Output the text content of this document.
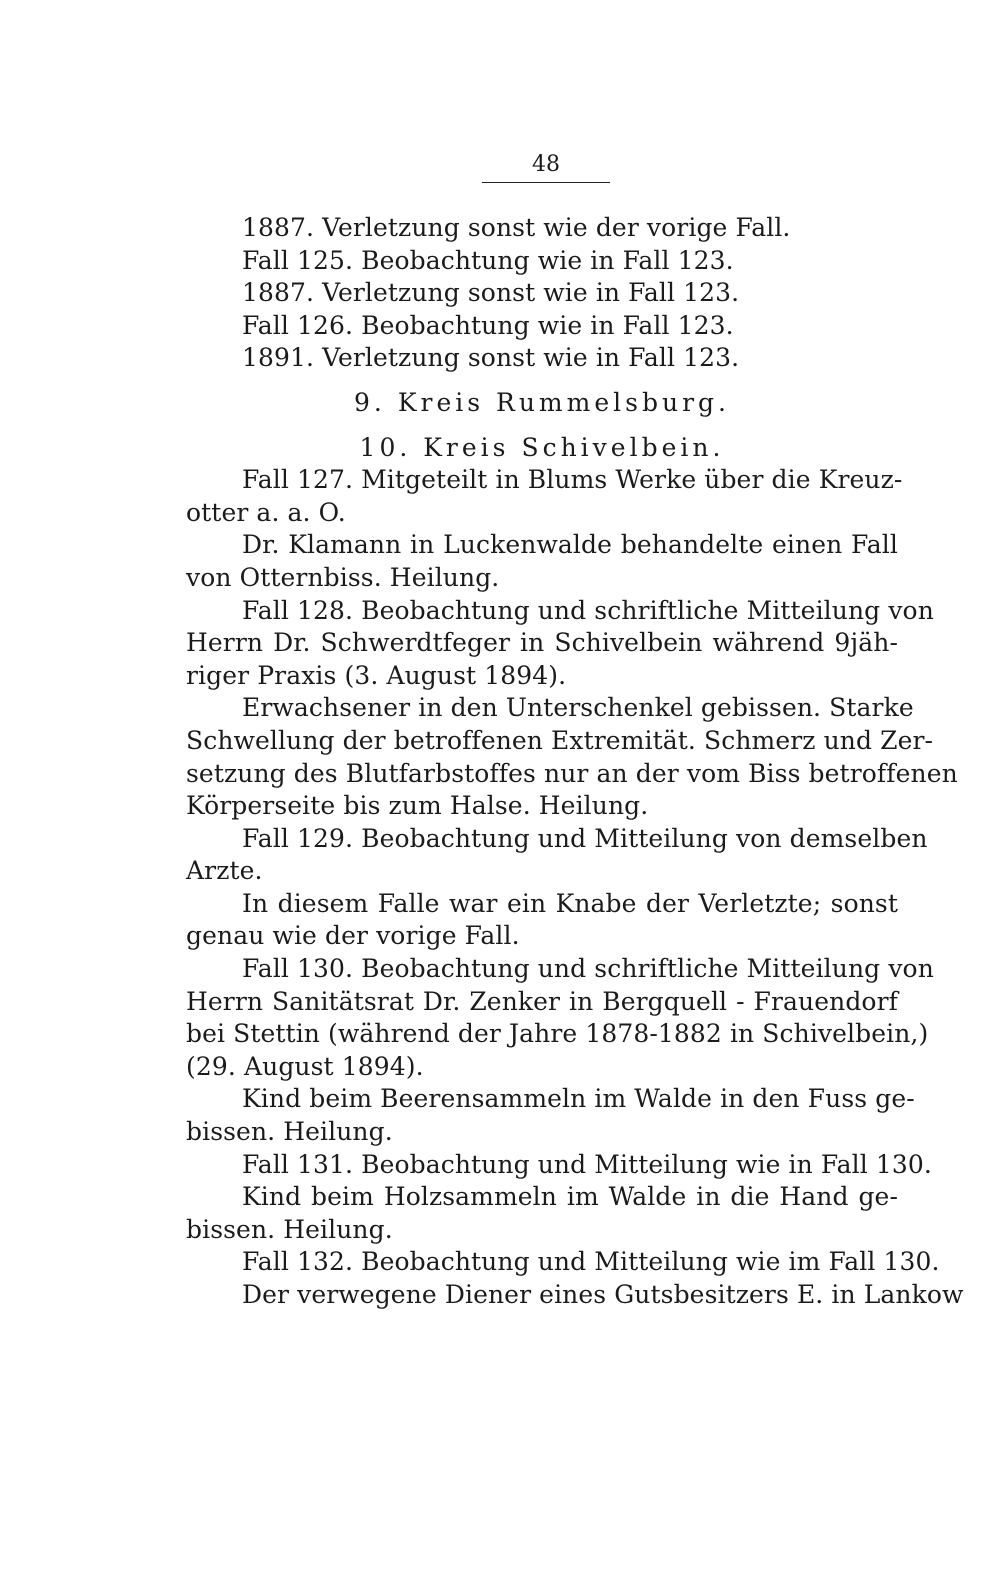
48
1887. Verletzung sonst wie der vorige Fall.
Fall 125. Beobachtung wie in Fall 123.
1887. Verletzung sonst wie in Fall 123.
Fall 126. Beobachtung wie in Fall 123.
1891. Verletzung sonst wie in Fall 123.
9. Kreis Rummelsburg.
10. Kreis Schivelbein.
Fall 127. Mitgeteilt in Blums Werke über die Kreuz-
otter a. a. O.
Dr. Klamann in Luckenwalde behandelte einen Fall
von Otternbiss. Heilung.
Fall 128. Beobachtung und schriftliche Mitteilung von
Herrn Dr. Schwerdtfeger in Schivelbein während 9jäh-
riger Praxis (3. August 1894).
Erwachsener in den Unterschenkel gebissen. Starke
Schwellung der betroffenen Extremität. Schmerz und Zer-
setzung des Blutfarbstoffes nur an der vom Biss betroffenen
Körperseite bis zum Halse. Heilung.
Fall 129. Beobachtung und Mitteilung von demselben
Arzte.
In diesem Falle war ein Knabe der Verletzte; sonst
genau wie der vorige Fall.
Fall 130. Beobachtung und schriftliche Mitteilung von
Herrn Sanitätsrat Dr. Zenker in Bergquell - Frauendorf
bei Stettin (während der Jahre 1878-1882 in Schivelbein,)
(29. August 1894).
Kind beim Beerensammeln im Walde in den Fuss ge-
bissen. Heilung.
Fall 131. Beobachtung und Mitteilung wie in Fall 130.
Kind beim Holzsammeln im Walde in die Hand ge-
bissen. Heilung.
Fall 132. Beobachtung und Mitteilung wie im Fall 130.
Der verwegene Diener eines Gutsbesitzers E. in Lankow
